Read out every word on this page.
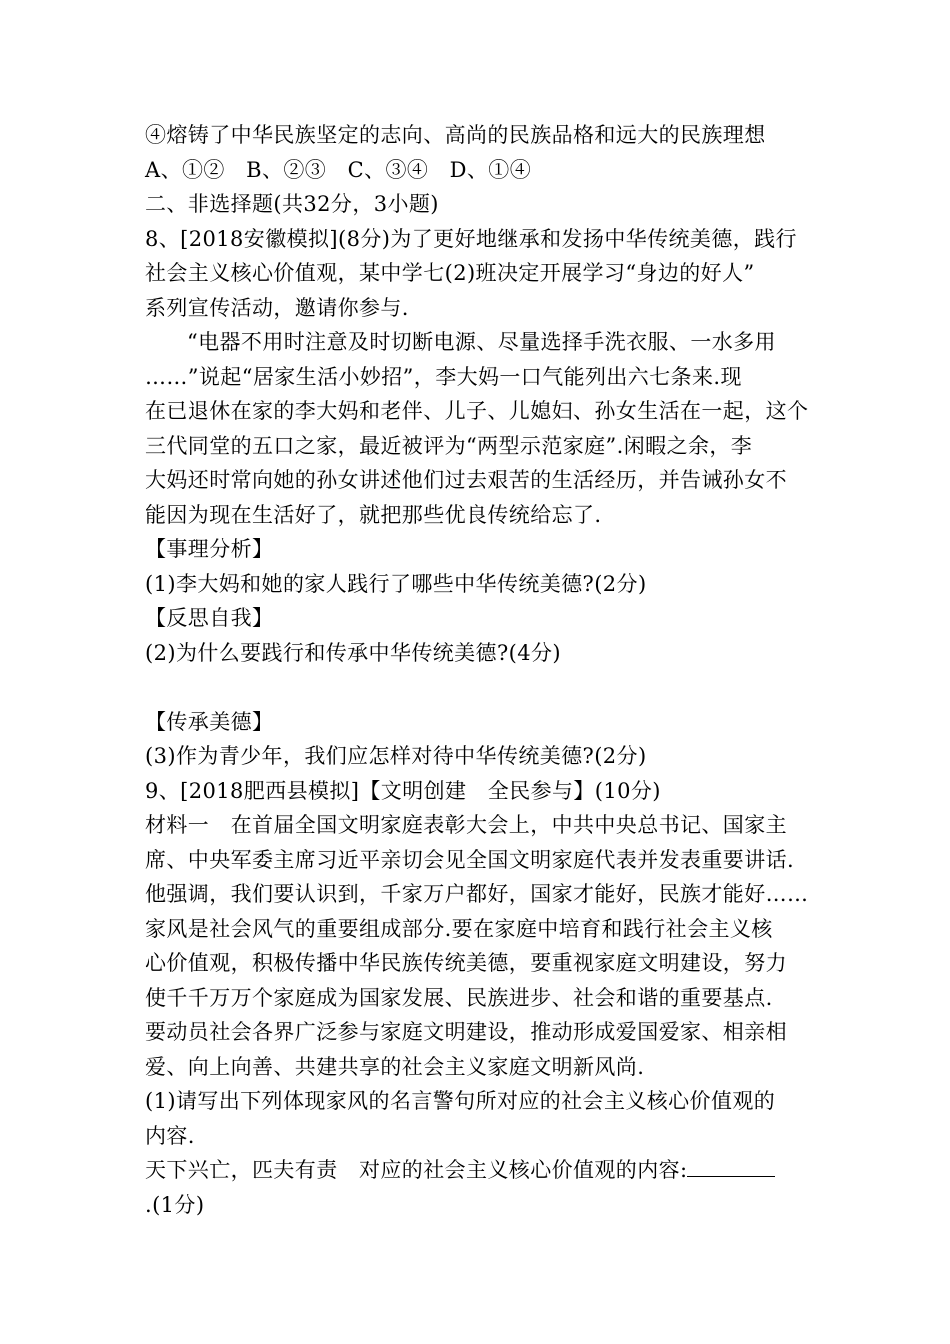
④熔铸了中华民族坚定的志向、高尚的民族品格和远大的民族理想
A、①②　B、②③　C、③④　D、①④
二、非选择题(共32分，3小题)
8、[2018安徽模拟](8分)为了更好地继承和发扬中华传统美德，践行
社会主义核心价值观，某中学七(2)班决定开展学习“身边的好人”
系列宣传活动，邀请你参与.
“电器不用时注意及时切断电源、尽量选择手洗衣服、一水多用
……”说起“居家生活小妙招”，李大妈一口气能列出六七条来.现
在已退休在家的李大妈和老伴、儿子、儿媳妇、孙女生活在一起，这个
三代同堂的五口之家，最近被评为“两型示范家庭”.闲暇之余，李
大妈还时常向她的孙女讲述他们过去艰苦的生活经历，并告诫孙女不
能因为现在生活好了，就把那些优良传统给忘了.
【事理分析】
(1)李大妈和她的家人践行了哪些中华传统美德?(2分)
【反思自我】
(2)为什么要践行和传承中华传统美德?(4分)
【传承美德】
(3)作为青少年，我们应怎样对待中华传统美德?(2分)
9、[2018肥西县模拟]【文明创建　全民参与】(10分)
材料一　在首届全国文明家庭表彰大会上，中共中央总书记、国家主
席、中央军委主席习近平亲切会见全国文明家庭代表并发表重要讲话.
他强调，我们要认识到，千家万户都好，国家才能好，民族才能好……
家风是社会风气的重要组成部分.要在家庭中培育和践行社会主义核
心价值观，积极传播中华民族传统美德，要重视家庭文明建设，努力
使千千万万个家庭成为国家发展、民族进步、社会和谐的重要基点.
要动员社会各界广泛参与家庭文明建设，推动形成爱国爱家、相亲相
爱、向上向善、共建共享的社会主义家庭文明新风尚.
(1)请写出下列体现家风的名言警句所对应的社会主义核心价值观的
内容.
天下兴亡，匹夫有责　对应的社会主义核心价值观的内容:
.(1分)
